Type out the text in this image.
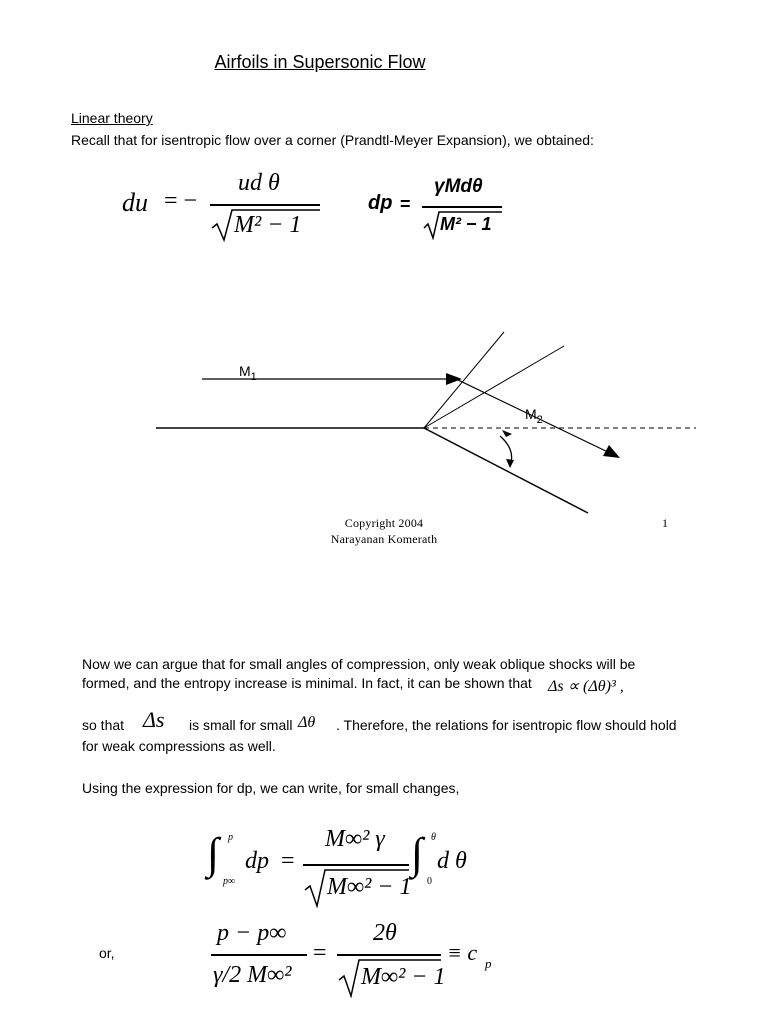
Airfoils in Supersonic Flow
Linear theory
Recall that for isentropic flow over a corner (Prandtl-Meyer Expansion), we obtained:
du = −
ud θ
M² − 1
dp =
γMdθ
M² − 1
$M_1$
$M_2$
Copyright 2004
Narayanan Komerath
1
Now we can argue that for small angles of compression, only weak oblique shocks will be
formed, and the entropy increase is minimal. In fact, it can be shown that Δs ∝ (Δθ)³ ,
so that Δs is small for small Δθ . Therefore, the relations for isentropic flow should hold
for weak compressions as well.
Using the expression for dp, we can write, for small changes,
∫ p
p∞
dp =
M∞² γ
M∞² − 1
∫ θ
0
d θ
or,
p − p∞
γ/2 M∞²
=
2θ
M∞² − 1
≡ c p
